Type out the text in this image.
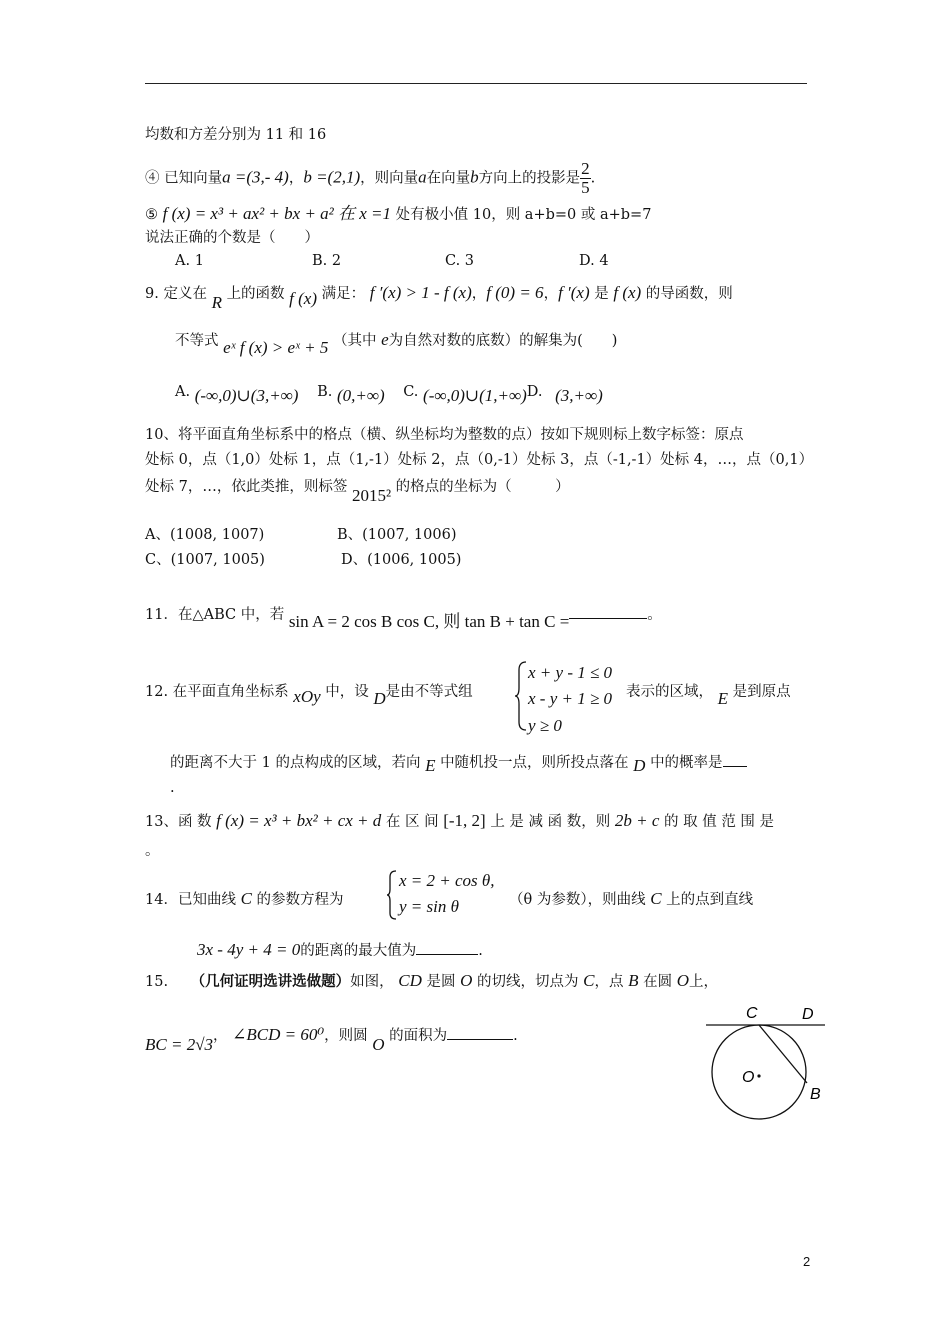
均数和方差分别为 11 和 16
④ 已知向量a =(3,- 4)，b =(2,1)，则向量a在向量b方向上的投影是 $\frac{2}{5}$ .
⑤ f (x) = x³ + ax² + bx + a² 在 x =1 处有极小值 10，则 a+b=0 或 a+b=7
说法正确的个数是（　　）
A. 1	B. 2	C. 3	D. 4
9. 定义在 R 上的函数 f (x) 满足： f ′(x) > 1 - f (x)，f (0) = 6，f ′(x) 是 f (x) 的导函数，则
不等式 eˣ f (x) > eˣ + 5 （其中 e为自然对数的底数）的解集为(　　)
A. (-∞,0)∪(3,+∞) B. (0,+∞) C. (-∞,0)∪(1,+∞)D. (3,+∞)
10、将平面直角坐标系中的格点（横、纵坐标均为整数的点）按如下规则标上数字标签：原点
处标 0，点（1,0）处标 1，点（1,-1）处标 2，点（0,-1）处标 3，点（-1,-1）处标 4，…，点（0,1）
处标 7，…，依此类推，则标签 2015² 的格点的坐标为（　　　）
A、(1008, 1007)	B、(1007, 1006)
C、(1007, 1005)	D、(1006, 1005)
11．在△ABC 中，若 sin A = 2 cos B cos C, 则 tan B + tan C =	。
12. 在平面直角坐标系 xOy 中，设 D是由不等式组
x + y - 1 ≤ 0
x - y + 1 ≥ 0
y ≥ 0
表示的区域， E 是到原点
的距离不大于 1 的点构成的区域，若向 E 中随机投一点，则所投点落在 D 中的概率是
.
13、函 数 f (x) = x³ + bx² + cx + d 在 区 间 [-1, 2] 上 是 减 函 数，则 2b + c 的 取 值 范 围 是
。
14．已知曲线 C 的参数方程为
x = 2 + cos θ,
y = sin θ	（θ 为参数），则曲线 C 上的点到直线
3x - 4y + 4 = 0的距离的最大值为	.
15. （几何证明选讲选做题）如图， CD 是圆 O 的切线，切点为 C，点 B 在圆 O上，
BC = 2√3， ∠BCD = 60⁰，则圆 O 的面积为	.
C	D
O
B
2
